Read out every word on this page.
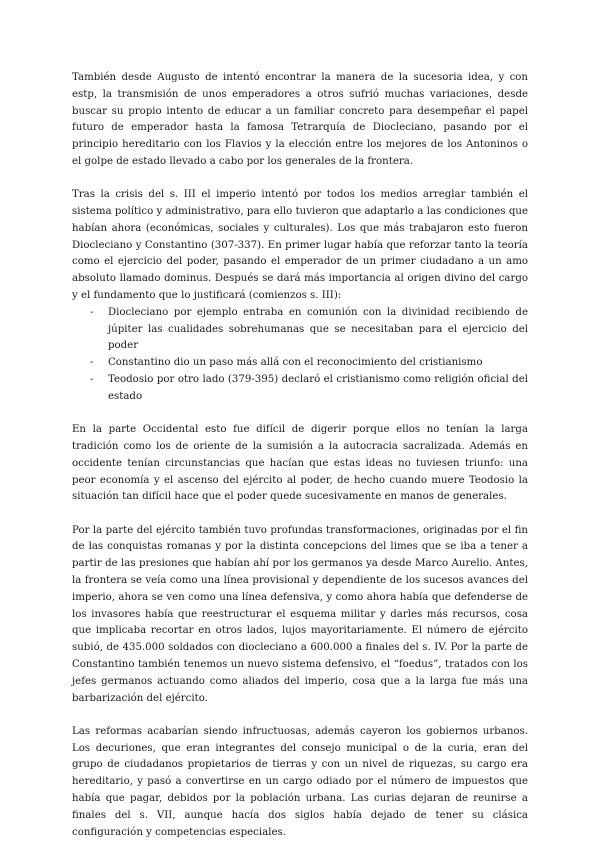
También desde Augusto de intentó encontrar la manera de la sucesoria idea, y con estp, la transmisión de unos emperadores a otros sufrió muchas variaciones, desde buscar su propio intento de educar a un familiar concreto para desempeñar el papel futuro de emperador hasta la famosa Tetrarquía de Diocleciano, pasando por el principio hereditario con los Flavios y la elección entre los mejores de los Antoninos o el golpe de estado llevado a cabo por los generales de la frontera.

Tras la crisis del s. III el imperio intentó por todos los medios arreglar también el sistema político y administrativo, para ello tuvieron que adaptarlo a las condiciones que habían ahora (económicas, sociales y culturales). Los que más trabajaron esto fueron Diocleciano y Constantino (307-337). En primer lugar había que reforzar tanto la teoría como el ejercicio del poder, pasando el emperador de un primer ciudadano a un amo absoluto llamado dominus. Después se dará más importancia al origen divino del cargo y el fundamento que lo justificará (comienzos s. III):

- Diocleciano por ejemplo entraba en comunión con la divinidad recibiendo de júpiter las cualidades sobrehumanas que se necesitaban para el ejercicio del poder
- Constantino dio un paso más allá con el reconocimiento del cristianismo
- Teodosio por otro lado (379-395) declaró el cristianismo como religión oficial del estado

En la parte Occidental esto fue difícil de digerir porque ellos no tenían la larga tradición como los de oriente de la sumisión a la autocracia sacralizada. Además en occidente tenían circunstancias que hacían que estas ideas no tuviesen triunfo: una peor economía y el ascenso del ejército al poder, de hecho cuando muere Teodosio la situación tan difícil hace que el poder quede sucesivamente en manos de generales.

Por la parte del ejército también tuvo profundas transformaciones, originadas por el fin de las conquistas romanas y por la distinta concepcions del limes que se iba a tener a partir de las presiones que habían ahí por los germanos ya desde Marco Aurelio. Antes, la frontera se veía como una línea provisional y dependiente de los sucesos avances del imperio, ahora se ven como una línea defensiva, y como ahora había que defenderse de los invasores había que reestructurar el esquema militar y darles más recursos, cosa que implicaba recortar en otros lados, lujos mayoritariamente. El número de ejército subió, de 435.000 soldados con diocleciano a 600.000 a finales del s. IV. Por la parte de Constantino también tenemos un nuevo sistema defensivo, el “foedus”, tratados con los jefes germanos actuando como aliados del imperio, cosa que a la larga fue más una barbarización del ejército.

Las reformas acabarían siendo infructuosas, además cayeron los gobiernos urbanos. Los decuriones, que eran integrantes del consejo municipal o de la curia, eran del grupo de ciudadanos propietarios de tierras y con un nivel de riquezas, su cargo era hereditario, y pasó a convertirse en un cargo odiado por el número de impuestos que había que pagar, debidos por la población urbana. Las curias dejaran de reunirse a finales del s. VII, aunque hacía dos siglos había dejado de tener su clásica configuración y competencias especiales.
